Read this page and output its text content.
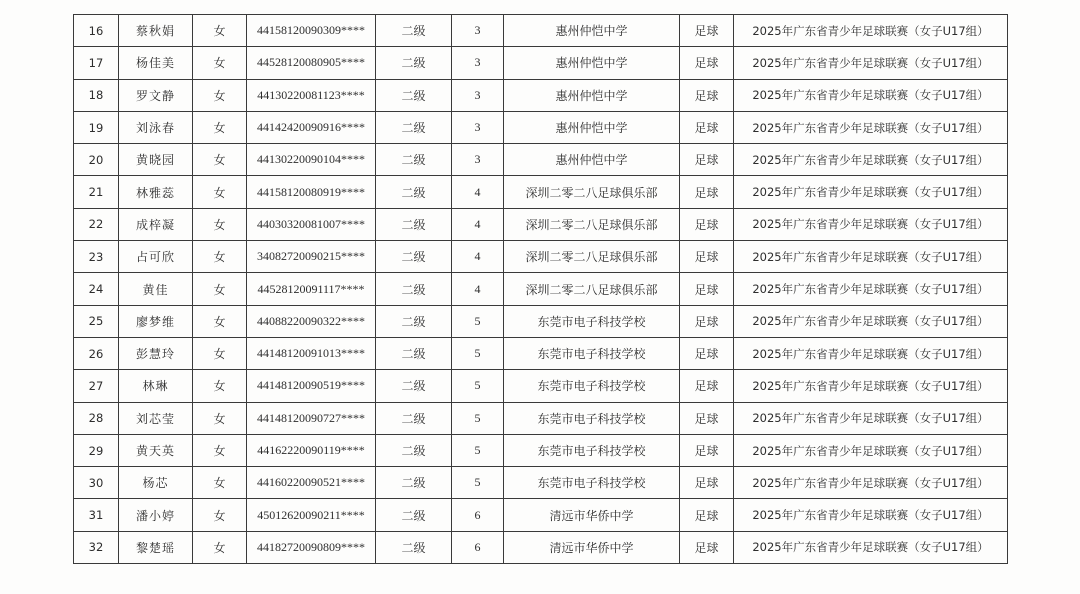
16	蔡秋娟	女	44158120090309****	二级	3	惠州仲恺中学	足球	2025年广东省青少年足球联赛（女子U17组）
17	杨佳美	女	44528120080905****	二级	3	惠州仲恺中学	足球	2025年广东省青少年足球联赛（女子U17组）
18	罗文静	女	44130220081123****	二级	3	惠州仲恺中学	足球	2025年广东省青少年足球联赛（女子U17组）
19	刘泳春	女	44142420090916****	二级	3	惠州仲恺中学	足球	2025年广东省青少年足球联赛（女子U17组）
20	黄晓园	女	44130220090104****	二级	3	惠州仲恺中学	足球	2025年广东省青少年足球联赛（女子U17组）
21	林雅蕊	女	44158120080919****	二级	4	深圳二零二八足球俱乐部	足球	2025年广东省青少年足球联赛（女子U17组）
22	成梓凝	女	44030320081007****	二级	4	深圳二零二八足球俱乐部	足球	2025年广东省青少年足球联赛（女子U17组）
23	占可欣	女	34082720090215****	二级	4	深圳二零二八足球俱乐部	足球	2025年广东省青少年足球联赛（女子U17组）
24	黄佳	女	44528120091117****	二级	4	深圳二零二八足球俱乐部	足球	2025年广东省青少年足球联赛（女子U17组）
25	廖梦维	女	44088220090322****	二级	5	东莞市电子科技学校	足球	2025年广东省青少年足球联赛（女子U17组）
26	彭慧玲	女	44148120091013****	二级	5	东莞市电子科技学校	足球	2025年广东省青少年足球联赛（女子U17组）
27	林琳	女	44148120090519****	二级	5	东莞市电子科技学校	足球	2025年广东省青少年足球联赛（女子U17组）
28	刘芯莹	女	44148120090727****	二级	5	东莞市电子科技学校	足球	2025年广东省青少年足球联赛（女子U17组）
29	黄天英	女	44162220090119****	二级	5	东莞市电子科技学校	足球	2025年广东省青少年足球联赛（女子U17组）
30	杨芯	女	44160220090521****	二级	5	东莞市电子科技学校	足球	2025年广东省青少年足球联赛（女子U17组）
31	潘小婷	女	45012620090211****	二级	6	清远市华侨中学	足球	2025年广东省青少年足球联赛（女子U17组）
32	黎楚瑶	女	44182720090809****	二级	6	清远市华侨中学	足球	2025年广东省青少年足球联赛（女子U17组）
